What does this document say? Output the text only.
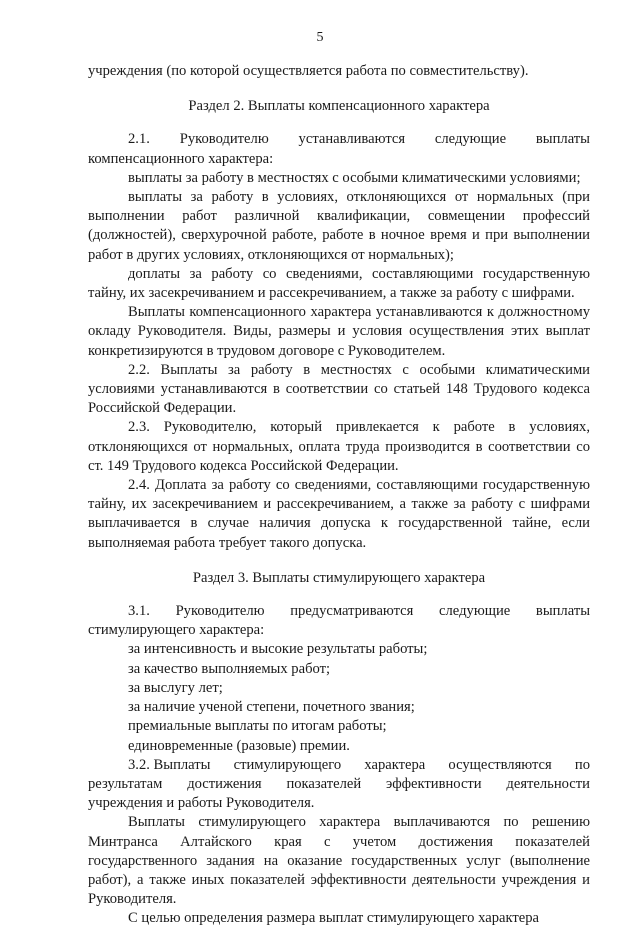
5

учреждения (по которой осуществляется работа по совместительству).

Раздел 2. Выплаты компенсационного характера

2.1. Руководителю устанавливаются следующие выплаты компенсационного характера:

выплаты за работу в местностях с особыми климатическими условиями;

выплаты за работу в условиях, отклоняющихся от нормальных (при выполнении работ различной квалификации, совмещении профессий (должностей), сверхурочной работе, работе в ночное время и при выполнении работ в других условиях, отклоняющихся от нормальных);

доплаты за работу со сведениями, составляющими государственную тайну, их засекречиванием и рассекречиванием, а также за работу с шифрами.

Выплаты компенсационного характера устанавливаются к должностному окладу Руководителя. Виды, размеры и условия осуществления этих выплат конкретизируются в трудовом договоре с Руководителем.

2.2. Выплаты за работу в местностях с особыми климатическими условиями устанавливаются в соответствии со статьей 148 Трудового кодекса Российской Федерации.

2.3. Руководителю, который привлекается к работе в условиях, отклоняющихся от нормальных, оплата труда производится в соответствии со ст. 149 Трудового кодекса Российской Федерации.

2.4. Доплата за работу со сведениями, составляющими государственную тайну, их засекречиванием и рассекречиванием, а также за работу с шифрами выплачивается в случае наличия допуска к государственной тайне, если выполняемая работа требует такого допуска.

Раздел 3. Выплаты стимулирующего характера

3.1. Руководителю предусматриваются следующие выплаты стимулирующего характера:

за интенсивность и высокие результаты работы;

за качество выполняемых работ;

за выслугу лет;

за наличие ученой степени, почетного звания;

премиальные выплаты по итогам работы;

единовременные (разовые) премии.

3.2. Выплаты стимулирующего характера осуществляются по
результатам достижения показателей эффективности деятельности

учреждения и работы Руководителя.

Выплаты стимулирующего характера выплачиваются по решению Минтранса Алтайского края с учетом достижения показателей государственного задания на оказание государственных услуг (выполнение работ), а также иных показателей эффективности деятельности учреждения и Руководителя.

С целью определения размера выплат стимулирующего характера
